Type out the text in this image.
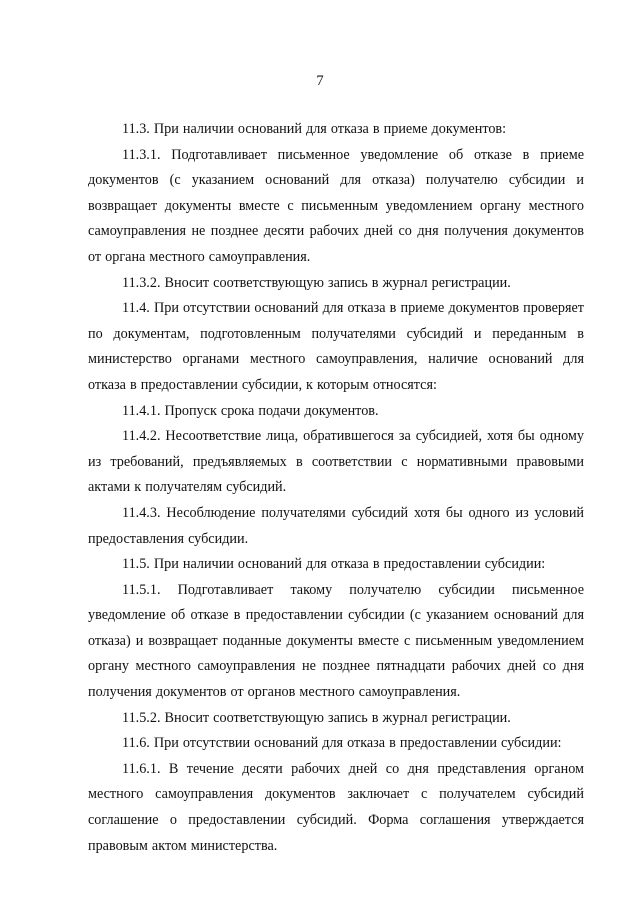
7

11.3. При наличии оснований для отказа в приеме документов:

11.3.1. Подготавливает письменное уведомление об отказе в приеме документов (с указанием оснований для отказа) получателю субсидии и возвращает документы вместе с письменным уведомлением органу местного самоуправления не позднее десяти рабочих дней со дня получения документов от органа местного самоуправления.

11.3.2. Вносит соответствующую запись в журнал регистрации.

11.4. При отсутствии оснований для отказа в приеме документов проверяет по документам, подготовленным получателями субсидий и переданным в министерство органами местного самоуправления, наличие оснований для отказа в предоставлении субсидии, к которым относятся:

11.4.1. Пропуск срока подачи документов.

11.4.2. Несоответствие лица, обратившегося за субсидией, хотя бы одному из требований, предъявляемых в соответствии с нормативными правовыми актами к получателям субсидий.

11.4.3. Несоблюдение получателями субсидий хотя бы одного из условий предоставления субсидии.

11.5. При наличии оснований для отказа в предоставлении субсидии:

11.5.1. Подготавливает такому получателю субсидии письменное уведомление об отказе в предоставлении субсидии (с указанием оснований для отказа) и возвращает поданные документы вместе с письменным уведомлением органу местного самоуправления не позднее пятнадцати рабочих дней со дня получения документов от органов местного самоуправления.

11.5.2. Вносит соответствующую запись в журнал регистрации.

11.6. При отсутствии оснований для отказа в предоставлении субсидии:

11.6.1. В течение десяти рабочих дней со дня представления органом местного самоуправления документов заключает с получателем субсидий соглашение о предоставлении субсидий. Форма соглашения утверждается правовым актом министерства.
